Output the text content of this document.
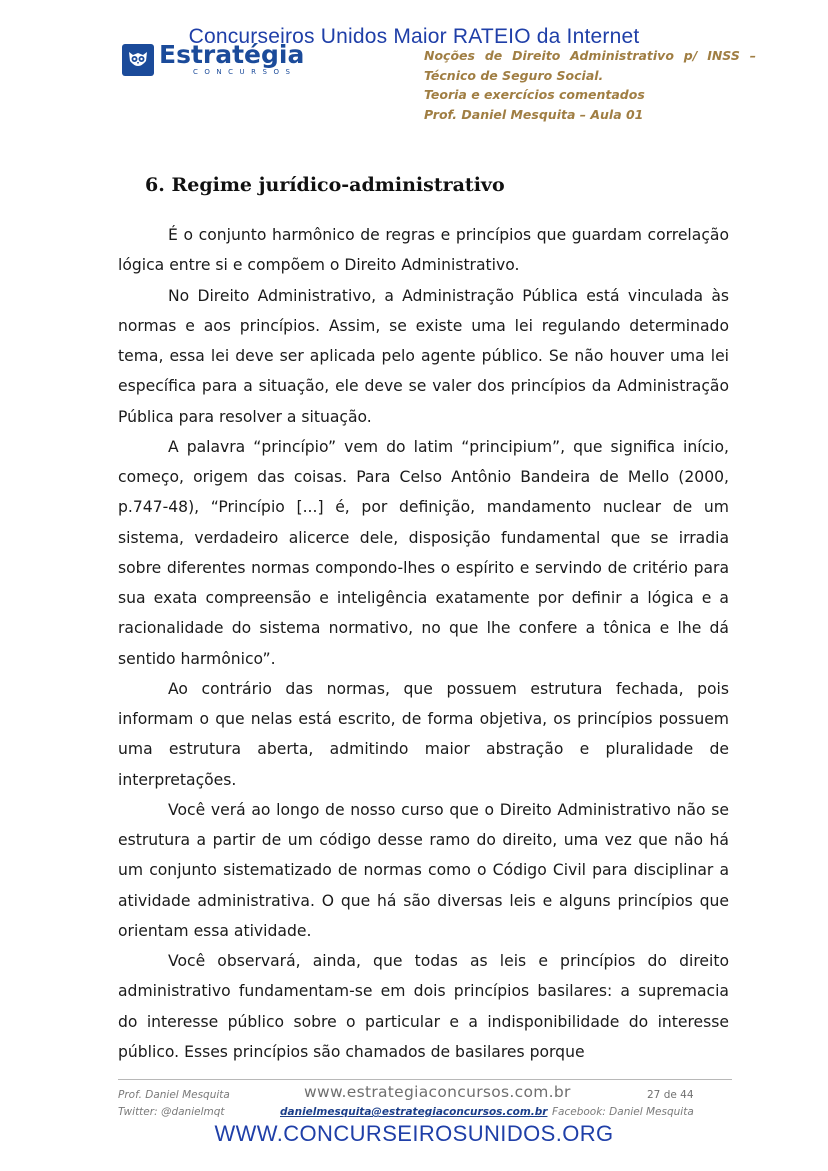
Concurseiros Unidos Maior RATEIO da Internet
Estratégia
CONCURSOS
Noções de Direito Administrativo p/ INSS –
Técnico de Seguro Social.
Teoria e exercícios comentados
Prof. Daniel Mesquita – Aula 01
6. Regime jurídico-administrativo

É o conjunto harmônico de regras e princípios que guardam correlação lógica entre si e compõem o Direito Administrativo.

No Direito Administrativo, a Administração Pública está vinculada às normas e aos princípios. Assim, se existe uma lei regulando determinado tema, essa lei deve ser aplicada pelo agente público. Se não houver uma lei específica para a situação, ele deve se valer dos princípios da Administração Pública para resolver a situação.

A palavra “princípio” vem do latim “principium”, que significa início, começo, origem das coisas. Para Celso Antônio Bandeira de Mello (2000, p.747-48), “Princípio [...] é, por definição, mandamento nuclear de um sistema, verdadeiro alicerce dele, disposição fundamental que se irradia sobre diferentes normas compondo-lhes o espírito e servindo de critério para sua exata compreensão e inteligência exatamente por definir a lógica e a racionalidade do sistema normativo, no que lhe confere a tônica e lhe dá sentido harmônico”.

Ao contrário das normas, que possuem estrutura fechada, pois informam o que nelas está escrito, de forma objetiva, os princípios possuem uma estrutura aberta, admitindo maior abstração e pluralidade de interpretações.

Você verá ao longo de nosso curso que o Direito Administrativo não se estrutura a partir de um código desse ramo do direito, uma vez que não há um conjunto sistematizado de normas como o Código Civil para disciplinar a atividade administrativa. O que há são diversas leis e alguns princípios que orientam essa atividade.

Você observará, ainda, que todas as leis e princípios do direito administrativo fundamentam-se em dois princípios basilares: a supremacia do interesse público sobre o particular e a indisponibilidade do interesse público. Esses princípios são chamados de basilares porque

Prof. Daniel Mesquita	www.estrategiaconcursos.com.br	27 de 44
Twitter: @danielmqt	danielmesquita@estrategiaconcursos.com.br Facebook: Daniel Mesquita
WWW.CONCURSEIROSUNIDOS.ORG
